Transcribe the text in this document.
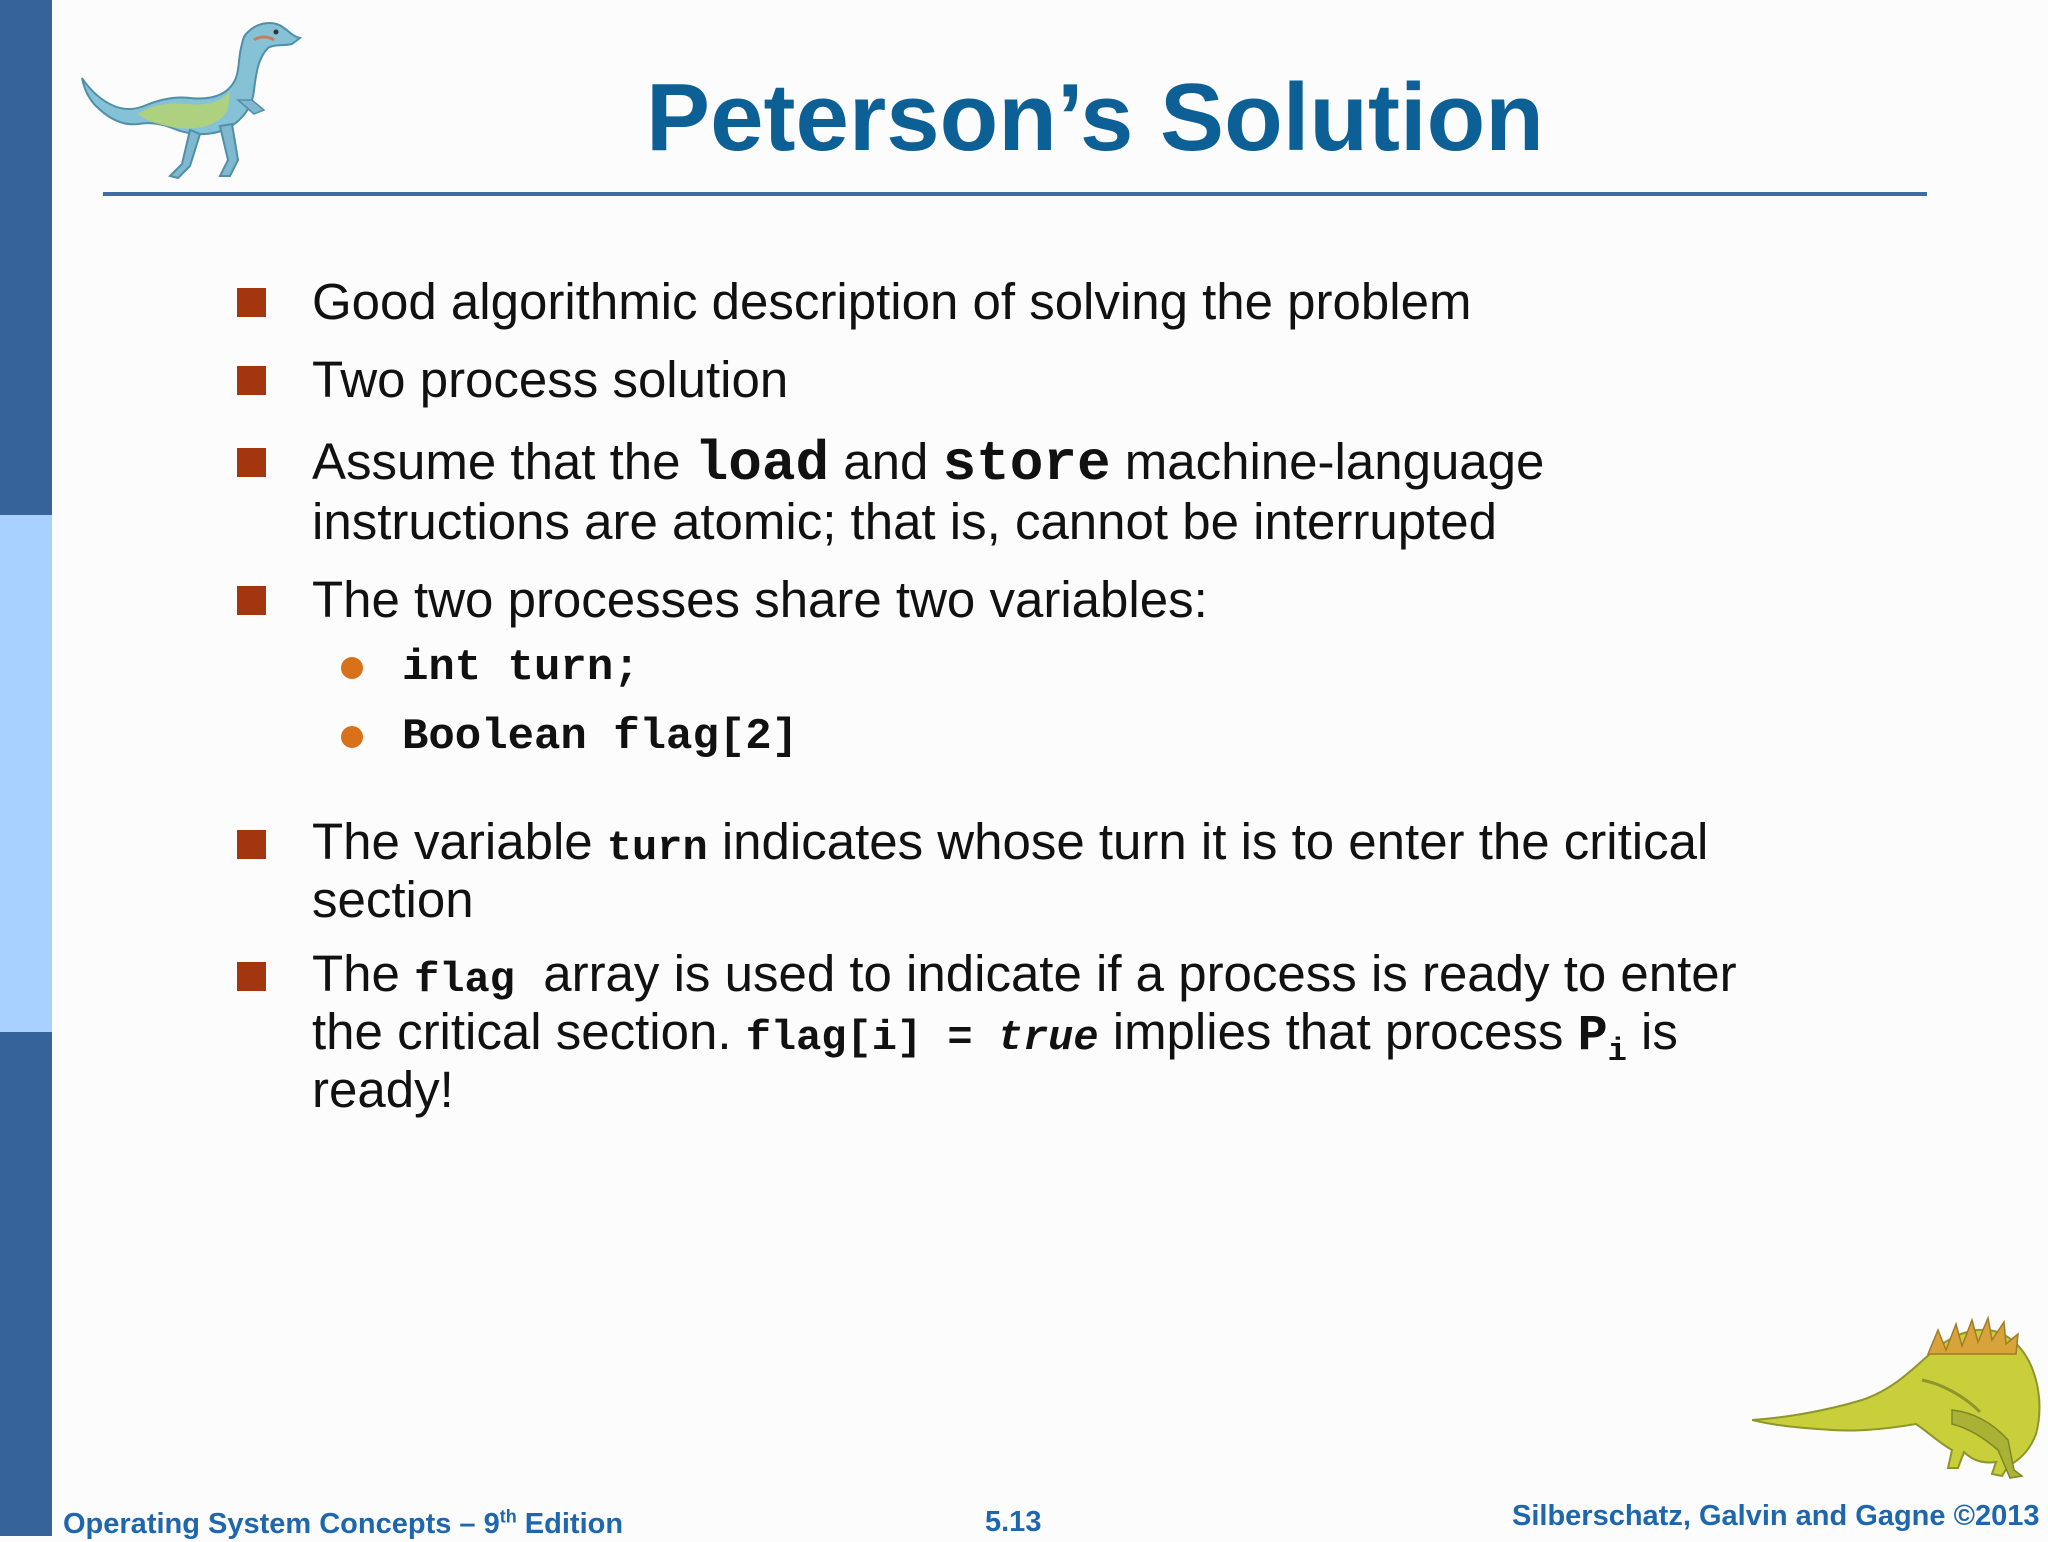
Peterson’s Solution
Good algorithmic description of solving the problem
Two process solution
Assume that the load and store machine-language
instructions are atomic; that is, cannot be interrupted
The two processes share two variables:
int turn;
Boolean flag[2]
The variable turn indicates whose turn it is to enter the critical
section
The flag  array is used to indicate if a process is ready to enter
the critical section. flag[i] = true implies that process $P_i$ is
ready!
Operating System Concepts – 9th Edition	5.13	Silberschatz, Galvin and Gagne ©2013
